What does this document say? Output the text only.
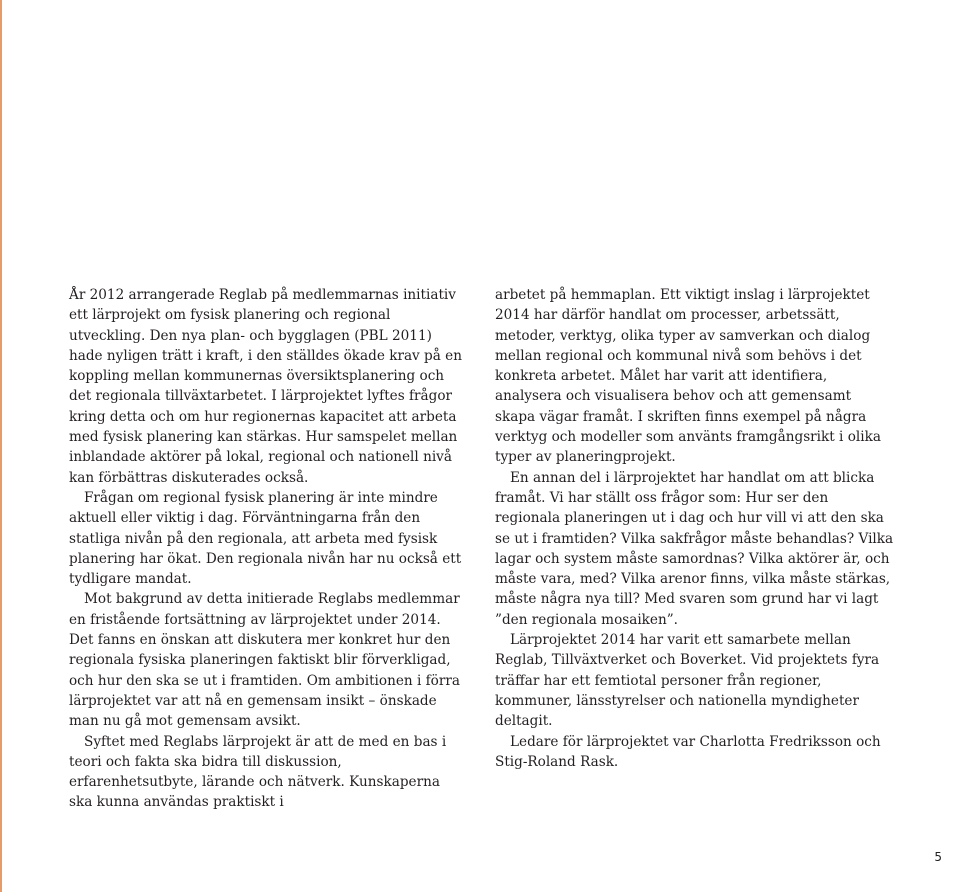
År 2012 arrangerade Reglab på medlemmarnas initiativ ett lärprojekt om fysisk planering och regional utveckling. Den nya plan- och bygglagen (PBL 2011) hade nyligen trätt i kraft, i den ställdes ökade krav på en koppling mellan kommunernas översiktsplanering och det regionala tillväxtarbetet. I lärprojektet lyftes frågor kring detta och om hur regionernas kapacitet att arbeta med fysisk planering kan stärkas. Hur samspelet mellan inblandade aktörer på lokal, regional och nationell nivå kan förbättras diskuterades också.

Frågan om regional fysisk planering är inte mindre aktuell eller viktig i dag. Förväntningarna från den statliga nivån på den regionala, att arbeta med fysisk planering har ökat. Den regionala nivån har nu också ett tydligare mandat.

Mot bakgrund av detta initierade Reglabs medlemmar en fristående fortsättning av lärprojektet under 2014. Det fanns en önskan att diskutera mer konkret hur den regionala fysiska planeringen faktiskt blir förverkligad, och hur den ska se ut i framtiden. Om ambitionen i förra lärprojektet var att nå en gemensam insikt – önskade man nu gå mot gemensam avsikt.

Syftet med Reglabs lärprojekt är att de med en bas i teori och fakta ska bidra till diskussion, erfarenhetsutbyte, lärande och nätverk. Kunskaperna ska kunna användas praktiskt i

arbetet på hemmaplan. Ett viktigt inslag i lärprojektet 2014 har därför handlat om processer, arbetssätt, metoder, verktyg, olika typer av samverkan och dialog mellan regional och kommunal nivå som behövs i det konkreta arbetet. Målet har varit att identifiera, analysera och visualisera behov och att gemensamt skapa vägar framåt. I skriften finns exempel på några verktyg och modeller som använts framgångsrikt i olika typer av planeringprojekt.

En annan del i lärprojektet har handlat om att blicka framåt. Vi har ställt oss frågor som: Hur ser den regionala planeringen ut i dag och hur vill vi att den ska se ut i framtiden? Vilka sakfrågor måste behandlas? Vilka lagar och system måste samordnas? Vilka aktörer är, och måste vara, med? Vilka arenor finns, vilka måste stärkas, måste några nya till? Med svaren som grund har vi lagt ”den regionala mosaiken”.

Lärprojektet 2014 har varit ett samarbete mellan Reglab, Tillväxtverket och Boverket. Vid projektets fyra träffar har ett femtiotal personer från regioner, kommuner, länsstyrelser och nationella myndigheter deltagit.

Ledare för lärprojektet var Charlotta Fredriksson och Stig-Roland Rask.

5
